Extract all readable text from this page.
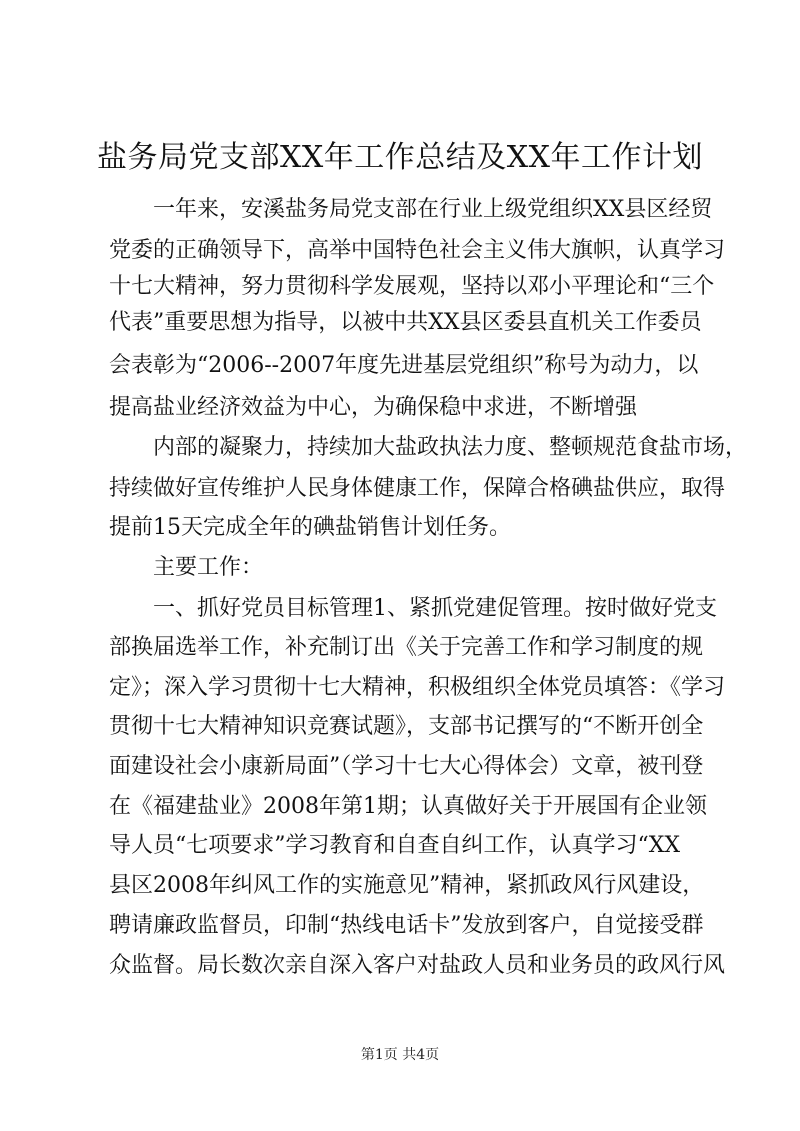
盐务局党支部XX年工作总结及XX年工作计划
一年来，安溪盐务局党支部在行业上级党组织XX县区经贸
党委的正确领导下，高举中国特色社会主义伟大旗帜，认真学习
十七大精神，努力贯彻科学发展观，坚持以邓小平理论和“三个
代表”重要思想为指导，以被中共XX县区委县直机关工作委员
会表彰为“2006--2007年度先进基层党组织”称号为动力，以
提高盐业经济效益为中心，为确保稳中求进，不断增强
内部的凝聚力，持续加大盐政执法力度、整顿规范食盐市场，
持续做好宣传维护人民身体健康工作，保障合格碘盐供应，取得
提前15天完成全年的碘盐销售计划任务。
主要工作：
一、抓好党员目标管理1、紧抓党建促管理。按时做好党支
部换届选举工作，补充制订出《关于完善工作和学习制度的规
定》；深入学习贯彻十七大精神，积极组织全体党员填答：《学习
贯彻十七大精神知识竞赛试题》，支部书记撰写的“不断开创全
面建设社会小康新局面”（学习十七大心得体会）文章，被刊登
在《福建盐业》2008年第1期；认真做好关于开展国有企业领
导人员“七项要求”学习教育和自查自纠工作，认真学习“XX
县区2008年纠风工作的实施意见”精神，紧抓政风行风建设，
聘请廉政监督员，印制“热线电话卡”发放到客户，自觉接受群
众监督。局长数次亲自深入客户对盐政人员和业务员的政风行风
第1页 共4页
